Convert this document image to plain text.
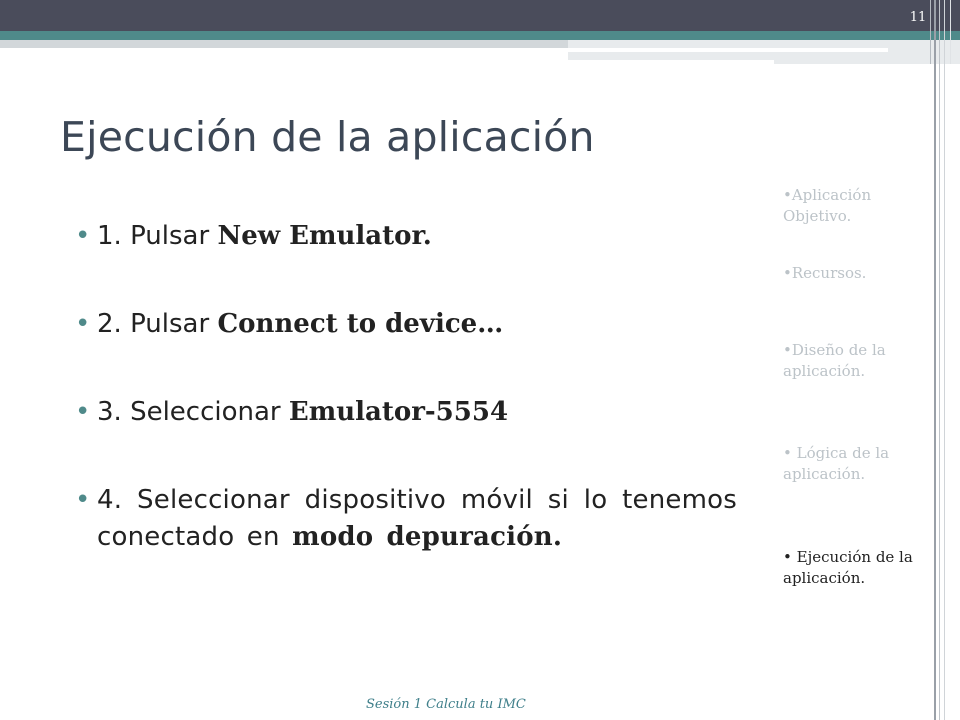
11
Ejecución de la aplicación
• 1. Pulsar New Emulator.
• 2. Pulsar Connect to device…
• 3. Seleccionar Emulator-5554
• 4. Seleccionar dispositivo móvil si lo tenemos conectado en modo depuración.
•Aplicación Objetivo.
•Recursos.
•Diseño de la aplicación.
• Lógica de la aplicación.
• Ejecución de la aplicación.
Sesión 1 Calcula tu IMC
